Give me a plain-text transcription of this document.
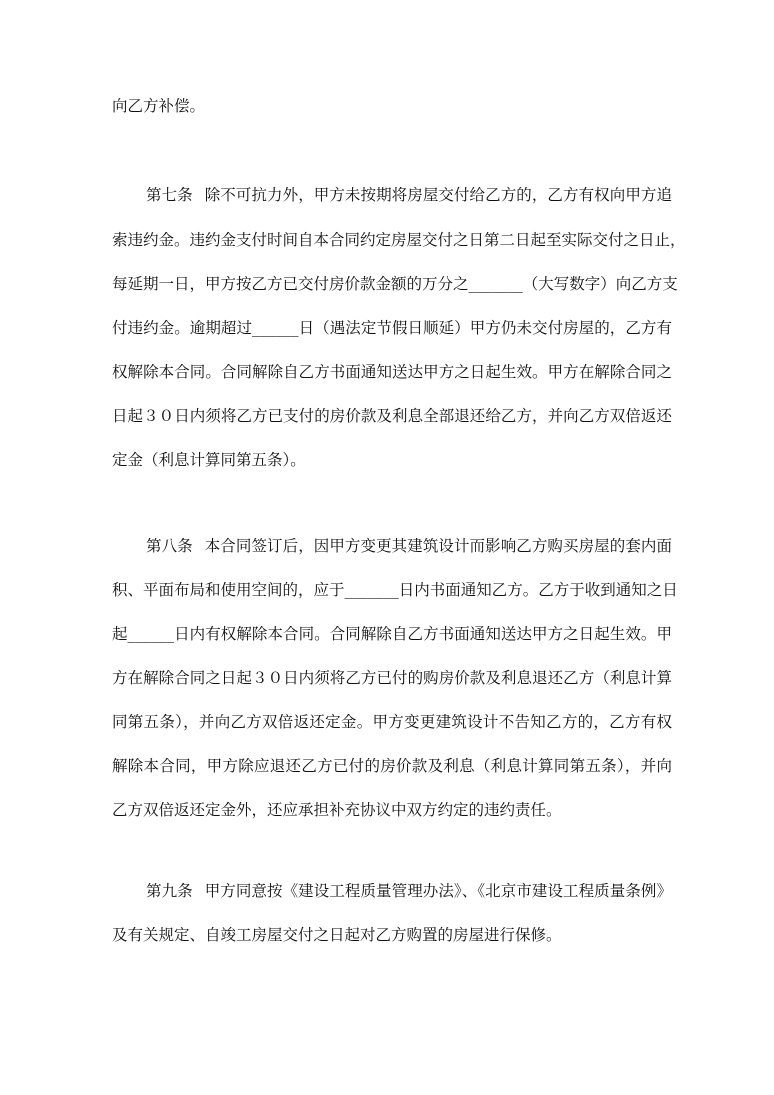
向乙方补偿。
第七条 除不可抗力外，甲方未按期将房屋交付给乙方的，乙方有权向甲方追
索违约金。违约金支付时间自本合同约定房屋交付之日第二日起至实际交付之日止，
每延期一日，甲方按乙方已交付房价款金额的万分之_______（大写数字）向乙方支
付违约金。逾期超过______日（遇法定节假日顺延）甲方仍未交付房屋的，乙方有
权解除本合同。合同解除自乙方书面通知送达甲方之日起生效。甲方在解除合同之
日起３０日内须将乙方已支付的房价款及利息全部退还给乙方，并向乙方双倍返还
定金（利息计算同第五条）。
第八条 本合同签订后，因甲方变更其建筑设计而影响乙方购买房屋的套内面
积、平面布局和使用空间的，应于_______日内书面通知乙方。乙方于收到通知之日
起______日内有权解除本合同。合同解除自乙方书面通知送达甲方之日起生效。甲
方在解除合同之日起３０日内须将乙方已付的购房价款及利息退还乙方（利息计算
同第五条），并向乙方双倍返还定金。甲方变更建筑设计不告知乙方的，乙方有权
解除本合同，甲方除应退还乙方已付的房价款及利息（利息计算同第五条），并向
乙方双倍返还定金外，还应承担补充协议中双方约定的违约责任。
第九条 甲方同意按《建设工程质量管理办法》、《北京市建设工程质量条例》
及有关规定、自竣工房屋交付之日起对乙方购置的房屋进行保修。
